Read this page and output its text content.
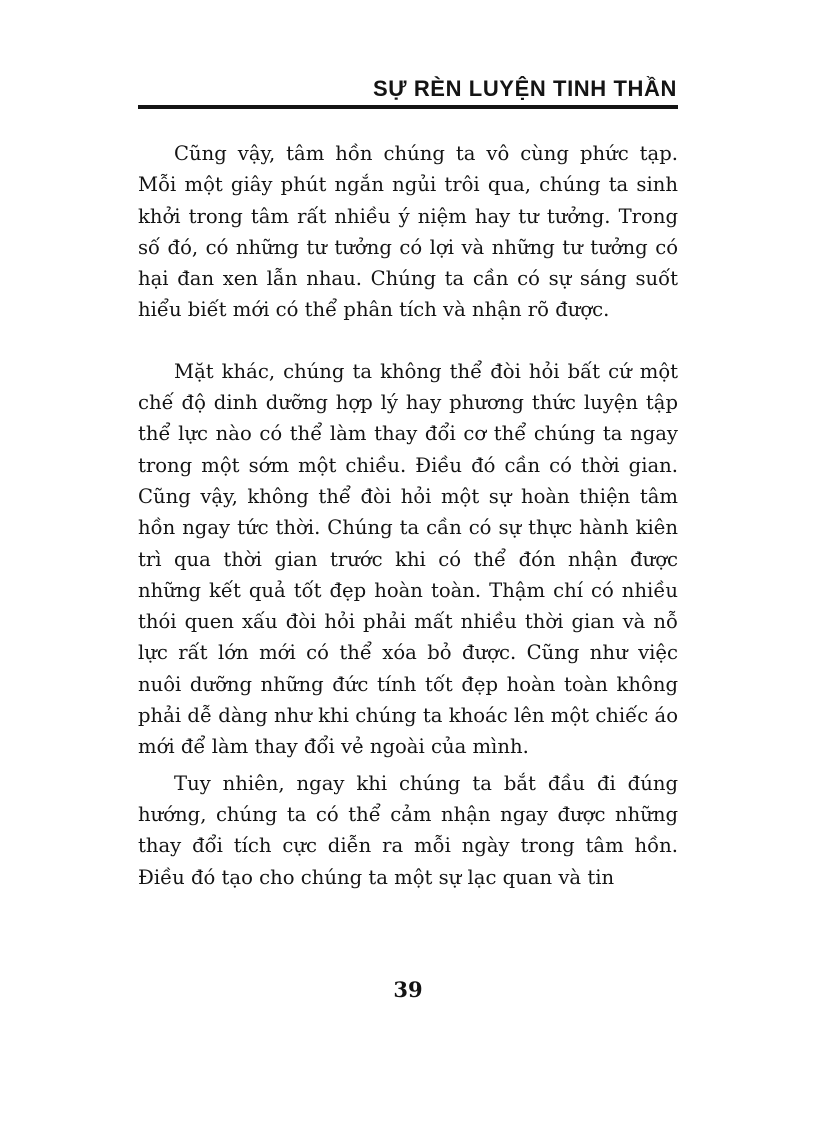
SỰ RÈN LUYỆN TINH THẦN

Cũng vậy, tâm hồn chúng ta vô cùng phức tạp. Mỗi một giây phút ngắn ngủi trôi qua, chúng ta sinh khởi trong tâm rất nhiều ý niệm hay tư tưởng. Trong số đó, có những tư tưởng có lợi và những tư tưởng có hại đan xen lẫn nhau. Chúng ta cần có sự sáng suốt hiểu biết mới có thể phân tích và nhận rõ được.

Mặt khác, chúng ta không thể đòi hỏi bất cứ một chế độ dinh dưỡng hợp lý hay phương thức luyện tập thể lực nào có thể làm thay đổi cơ thể chúng ta ngay trong một sớm một chiều. Điều đó cần có thời gian. Cũng vậy, không thể đòi hỏi một sự hoàn thiện tâm hồn ngay tức thời. Chúng ta cần có sự thực hành kiên trì qua thời gian trước khi có thể đón nhận được những kết quả tốt đẹp hoàn toàn. Thậm chí có nhiều thói quen xấu đòi hỏi phải mất nhiều thời gian và nỗ lực rất lớn mới có thể xóa bỏ được. Cũng như việc nuôi dưỡng những đức tính tốt đẹp hoàn toàn không phải dễ dàng như khi chúng ta khoác lên một chiếc áo mới để làm thay đổi vẻ ngoài của mình.

Tuy nhiên, ngay khi chúng ta bắt đầu đi đúng hướng, chúng ta có thể cảm nhận ngay được những thay đổi tích cực diễn ra mỗi ngày trong tâm hồn. Điều đó tạo cho chúng ta một sự lạc quan và tin

39
